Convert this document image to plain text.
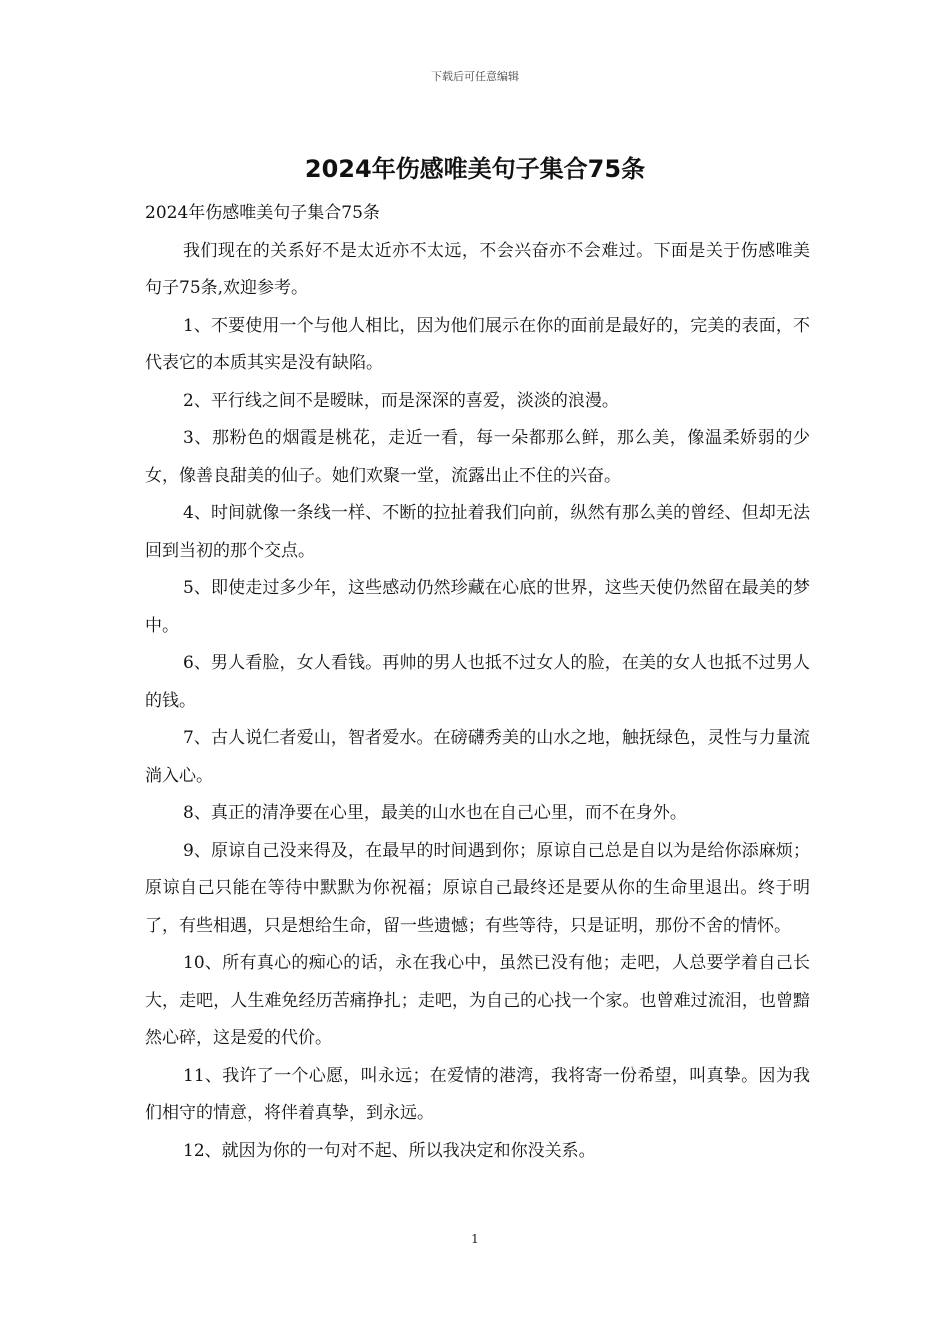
下载后可任意编辑
2024年伤感唯美句子集合75条

2024年伤感唯美句子集合75条

我们现在的关系好不是太近亦不太远，不会兴奋亦不会难过。下面是关于伤感唯美句子75条,欢迎参考。

1、不要使用一个与他人相比，因为他们展示在你的面前是最好的，完美的表面，不代表它的本质其实是没有缺陷。

2、平行线之间不是暧昧，而是深深的喜爱，淡淡的浪漫。

3、那粉色的烟霞是桃花，走近一看，每一朵都那么鲜，那么美，像温柔娇弱的少女，像善良甜美的仙子。她们欢聚一堂，流露出止不住的兴奋。

4、时间就像一条线一样、不断的拉扯着我们向前，纵然有那么美的曾经、但却无法回到当初的那个交点。

5、即使走过多少年，这些感动仍然珍藏在心底的世界，这些天使仍然留在最美的梦中。

6、男人看脸，女人看钱。再帅的男人也抵不过女人的脸，在美的女人也抵不过男人的钱。

7、古人说仁者爱山，智者爱水。在磅礴秀美的山水之地，触抚绿色，灵性与力量流淌入心。

8、真正的清净要在心里，最美的山水也在自己心里，而不在身外。

9、原谅自己没来得及，在最早的时间遇到你；原谅自己总是自以为是给你添麻烦；原谅自己只能在等待中默默为你祝福；原谅自己最终还是要从你的生命里退出。终于明了，有些相遇，只是想给生命，留一些遗憾；有些等待，只是证明，那份不舍的情怀。

10、所有真心的痴心的话，永在我心中，虽然已没有他；走吧，人总要学着自己长大，走吧，人生难免经历苦痛挣扎；走吧，为自己的心找一个家。也曾难过流泪，也曾黯然心碎，这是爱的代价。

11、我许了一个心愿，叫永远；在爱情的港湾，我将寄一份希望，叫真挚。因为我们相守的情意，将伴着真挚，到永远。

12、就因为你的一句对不起、所以我决定和你没关系。

1
